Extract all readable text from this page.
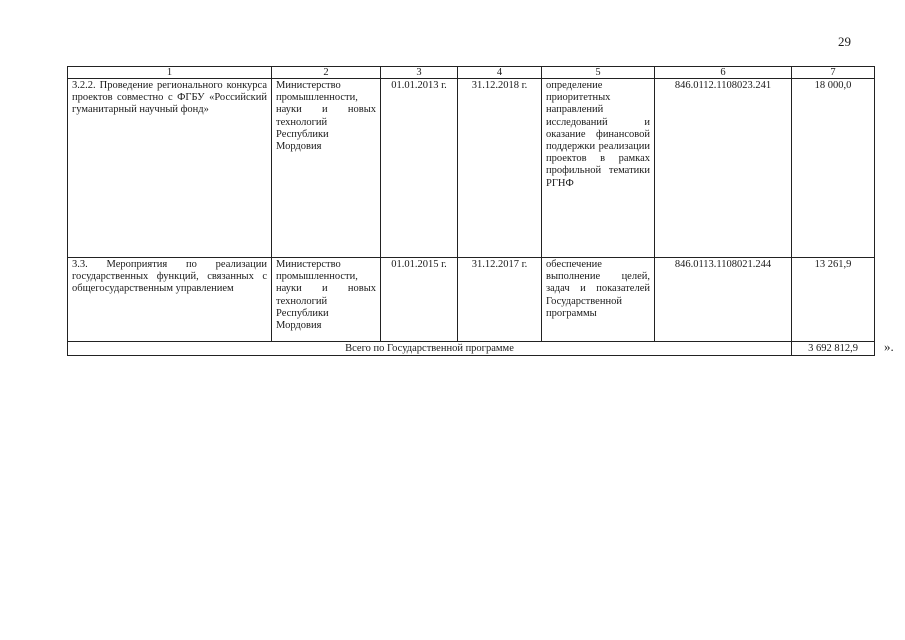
29
1	2	3	4	5	6	7
3.2.2. Проведение регионального конкурса проектов совместно с ФГБУ «Российский гуманитарный научный фонд»	Министерство промышленности, науки и новых технологий Республики Мордовия	01.01.2013 г.	31.12.2018 г.	определение приоритетных направлений исследований и оказание финансовой поддержки реализации проектов в рамках профильной тематики РГНФ	846.0112.1108023.241	18 000,0
3.3. Мероприятия по реализации государственных функций, связанных с общегосударственным управлением	Министерство промышленности, науки и новых технологий Республики Мордовия	01.01.2015 г.	31.12.2017 г.	обеспечение выполнение целей, задач и показателей Государственной программы	846.0113.1108021.244	13 261,9
Всего по Государственной программе						3 692 812,9 ».
